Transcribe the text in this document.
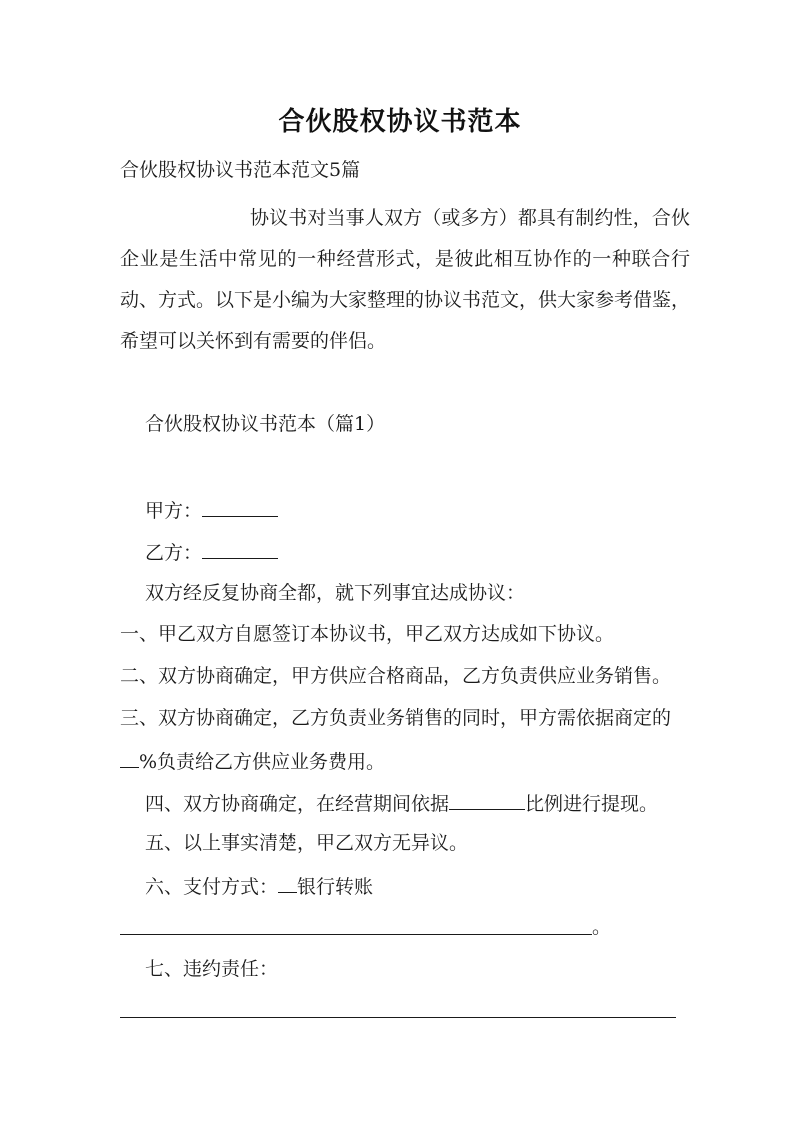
合伙股权协议书范本
合伙股权协议书范本范文5篇
协议书对当事人双方（或多方）都具有制约性，合伙企业是生活中常见的一种经营形式，是彼此相互协作的一种联合行动、方式。以下是小编为大家整理的协议书范文，供大家参考借鉴，希望可以关怀到有需要的伴侣。
合伙股权协议书范本（篇1）
甲方：
乙方：
双方经反复协商全都，就下列事宜达成协议：
一、甲乙双方自愿签订本协议书，甲乙双方达成如下协议。
二、双方协商确定，甲方供应合格商品，乙方负责供应业务销售。
三、双方协商确定，乙方负责业务销售的同时，甲方需依据商定的
%负责给乙方供应业务费用。
四、双方协商确定，在经营期间依据	比例进行提现。
五、以上事实清楚，甲乙双方无异议。
六、支付方式： 银行转账
。
七、违约责任：
